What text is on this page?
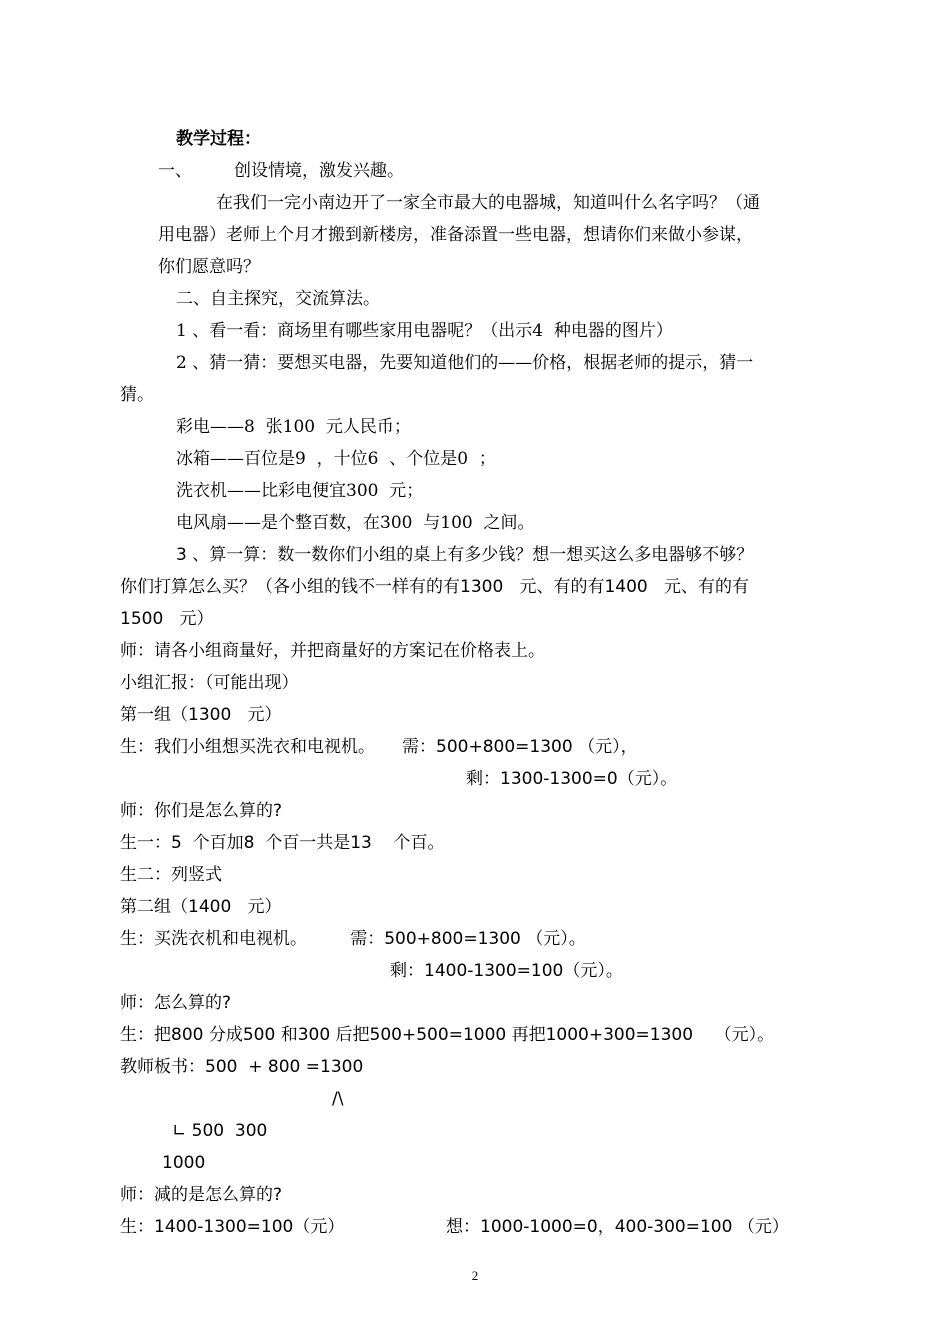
教学过程：
一、 创设情境，激发兴趣。
在我们一完小南边开了一家全市最大的电器城，知道叫什么名字吗？（通
用电器）老师上个月才搬到新楼房，准备添置一些电器，想请你们来做小参谋，
你们愿意吗？
二、自主探究，交流算法。
1 、看一看：商场里有哪些家用电器呢？（出示4  种电器的图片）
2 、猜一猜：要想买电器，先要知道他们的——价格，根据老师的提示，猜一
猜。
彩电——8  张100  元人民币；
冰箱——百位是9  ，十位6  、个位是0  ；
洗衣机——比彩电便宜300  元；
电风扇——是个整百数，在300  与100  之间。
3 、算一算：数一数你们小组的桌上有多少钱？想一想买这么多电器够不够？
你们打算怎么买？（各小组的钱不一样有的有1300   元、有的有1400   元、有的有
1500   元）
师：请各小组商量好，并把商量好的方案记在价格表上。
小组汇报：（可能出现）
第一组（1300   元）
生：我们小组想买洗衣和电视机。     需：500+800=1300 （元），
剩：1300-1300=0（元）。
师：你们是怎么算的?
生一：5  个百加8  个百一共是13    个百。
生二：列竖式
第二组（1400   元）
生：买洗衣机和电视机。        需：500+800=1300 （元）。
剩：1400-1300=100（元）。
师：怎么算的?
生：把800 分成500 和300 后把500+500=1000 再把1000+300=1300    （元）。
教师板书：500  + 800 =1300
/\
∟ 500  300
1000
师：减的是怎么算的?
生：1400-1300=100（元）	想：1000-1000=0，400-300=100 （元）
2
